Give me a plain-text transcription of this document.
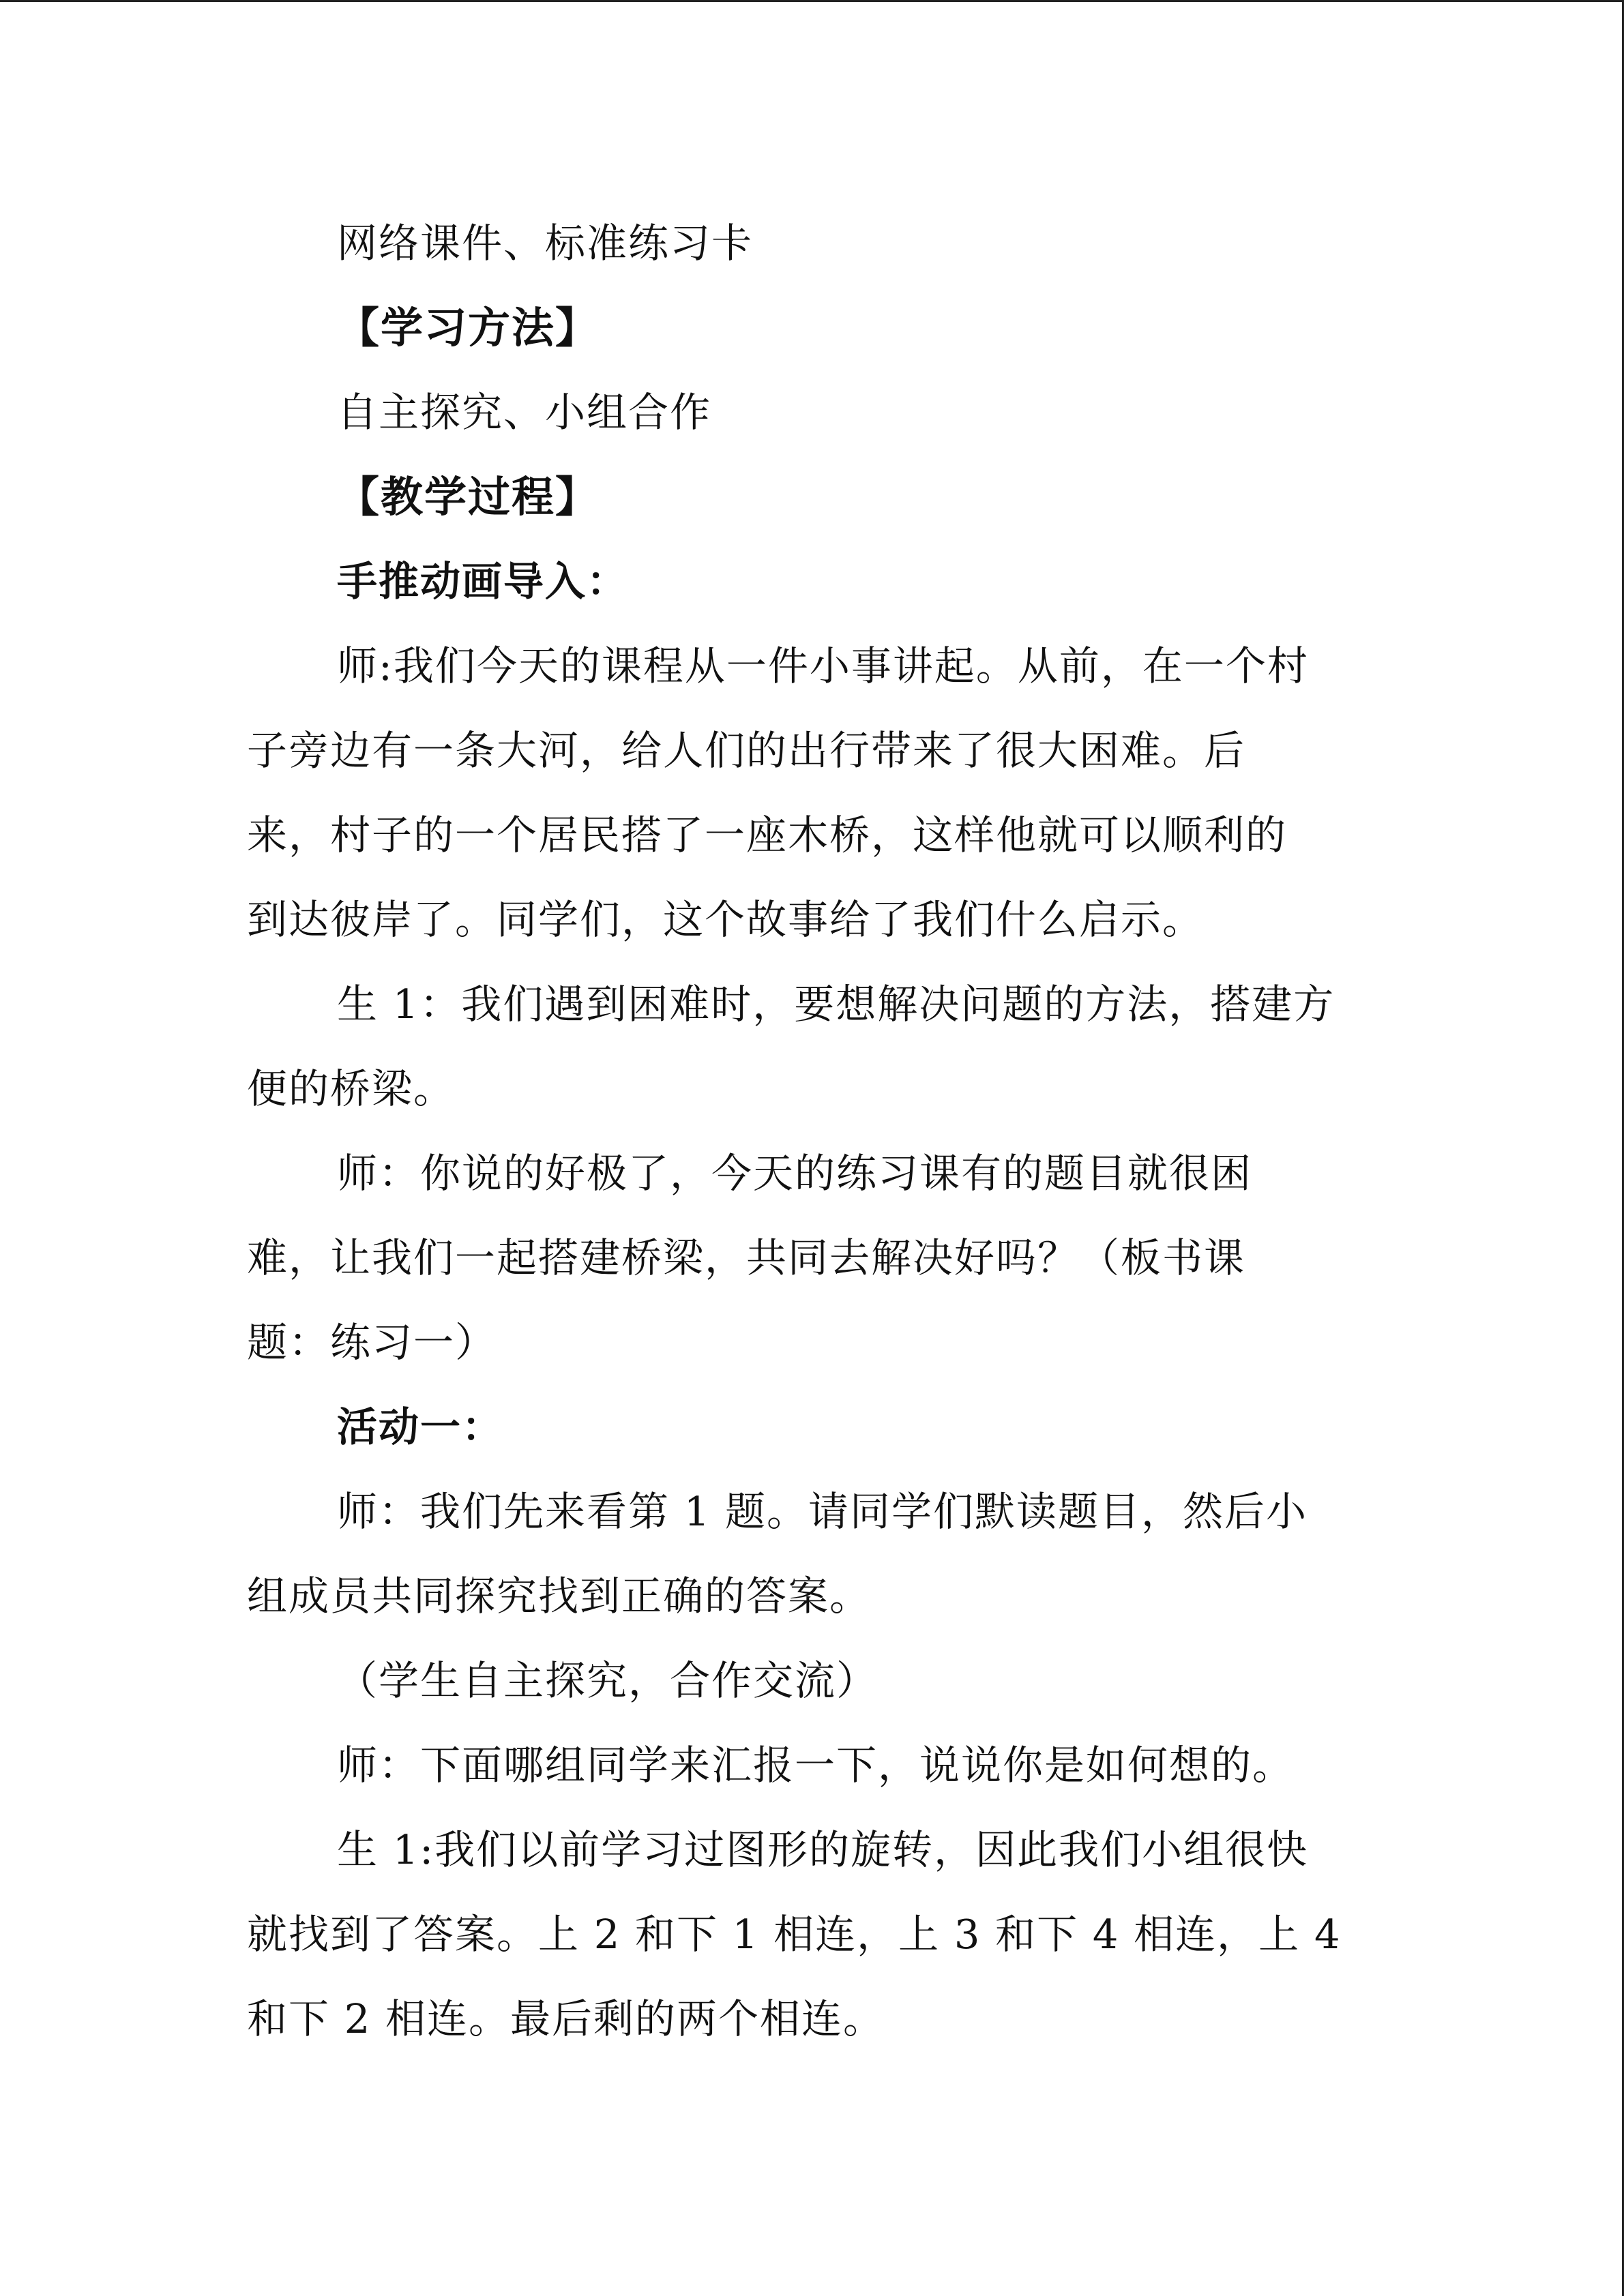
网络课件、标准练习卡
【学习方法】
自主探究、小组合作
【教学过程】
手推动画导入：
师:我们今天的课程从一件小事讲起。从前，在一个村
子旁边有一条大河，给人们的出行带来了很大困难。后
来，村子的一个居民搭了一座木桥，这样他就可以顺利的
到达彼岸了。同学们，这个故事给了我们什么启示。
生 1：我们遇到困难时，要想解决问题的方法，搭建方
便的桥梁。
师：你说的好极了，今天的练习课有的题目就很困
难，让我们一起搭建桥梁，共同去解决好吗？（板书课
题：练习一）
活动一：
师：我们先来看第 1 题。请同学们默读题目，然后小
组成员共同探究找到正确的答案。
（学生自主探究，合作交流）
师：下面哪组同学来汇报一下，说说你是如何想的。
生 1:我们以前学习过图形的旋转，因此我们小组很快
就找到了答案。上 2 和下 1 相连，上 3 和下 4 相连，上 4
和下 2 相连。最后剩的两个相连。
